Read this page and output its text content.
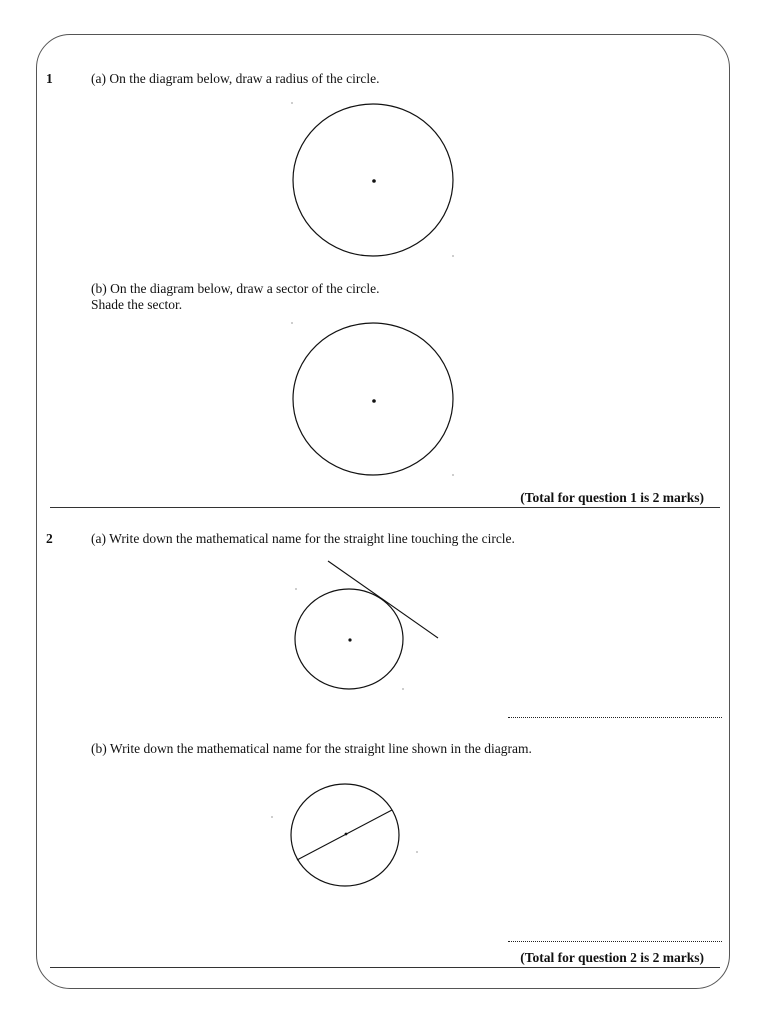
1	(a) On the diagram below, draw a radius of the circle.
(b) On the diagram below, draw a sector of the circle.
Shade the sector.
(Total for question 1 is 2 marks)
2	(a) Write down the mathematical name for the straight line touching the circle.
(b) Write down the mathematical name for the straight line shown in the diagram.
(Total for question 2 is 2 marks)
